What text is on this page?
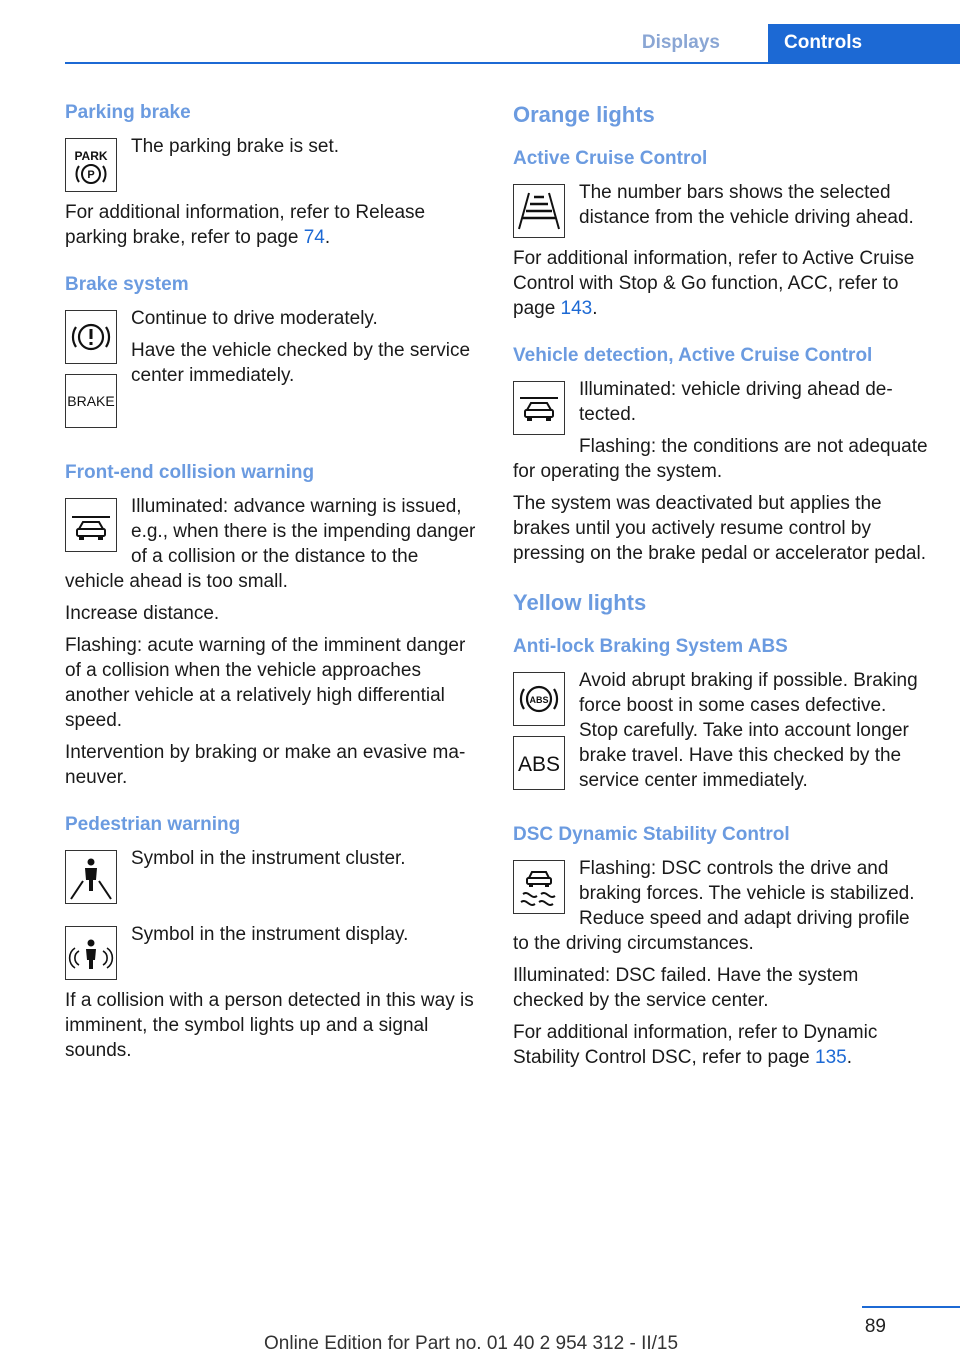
Displays	Controls
Parking brake
PARK
P

The parking brake is set.

For additional information, refer to Release parking brake, refer to page 74.

Brake system
BRAKE

Continue to drive moderately.

Have the vehicle checked by the service center immediately.

Front-end collision warning

Illuminated: advance warning is issued, e.g., when there is the impending danger of a collision or the distance to the vehicle ahead is too small.

Increase distance.

Flashing: acute warning of the imminent danger of a collision when the vehicle approaches another vehicle at a relatively high differential speed.

Intervention by braking or make an evasive maneuver.

Pedestrian warning

Symbol in the instrument cluster.

Symbol in the instrument display.

If a collision with a person detected in this way is imminent, the symbol lights up and a signal sounds.

Orange lights
Active Cruise Control

The number bars shows the selected distance from the vehicle driving ahead.

For additional information, refer to Active Cruise Control with Stop & Go function, ACC, refer to page 143.

Vehicle detection, Active Cruise Control

Illuminated: vehicle driving ahead detected.

Flashing: the conditions are not adequate for operating the system.

The system was deactivated but applies the brakes until you actively resume control by pressing on the brake pedal or accelerator pedal.

Yellow lights
Anti-lock Braking System ABS
ABS
ABS

Avoid abrupt braking if possible. Braking force boost in some cases defective. Stop carefully. Take into account longer brake travel. Have this checked by the service center immediately.

DSC Dynamic Stability Control

Flashing: DSC controls the drive and braking forces. The vehicle is stabilized. Reduce speed and adapt driving profile to the driving circumstances.

Illuminated: DSC failed. Have the system checked by the service center.

For additional information, refer to Dynamic Stability Control DSC, refer to page 135.

89
Online Edition for Part no. 01 40 2 954 312 - II/15
